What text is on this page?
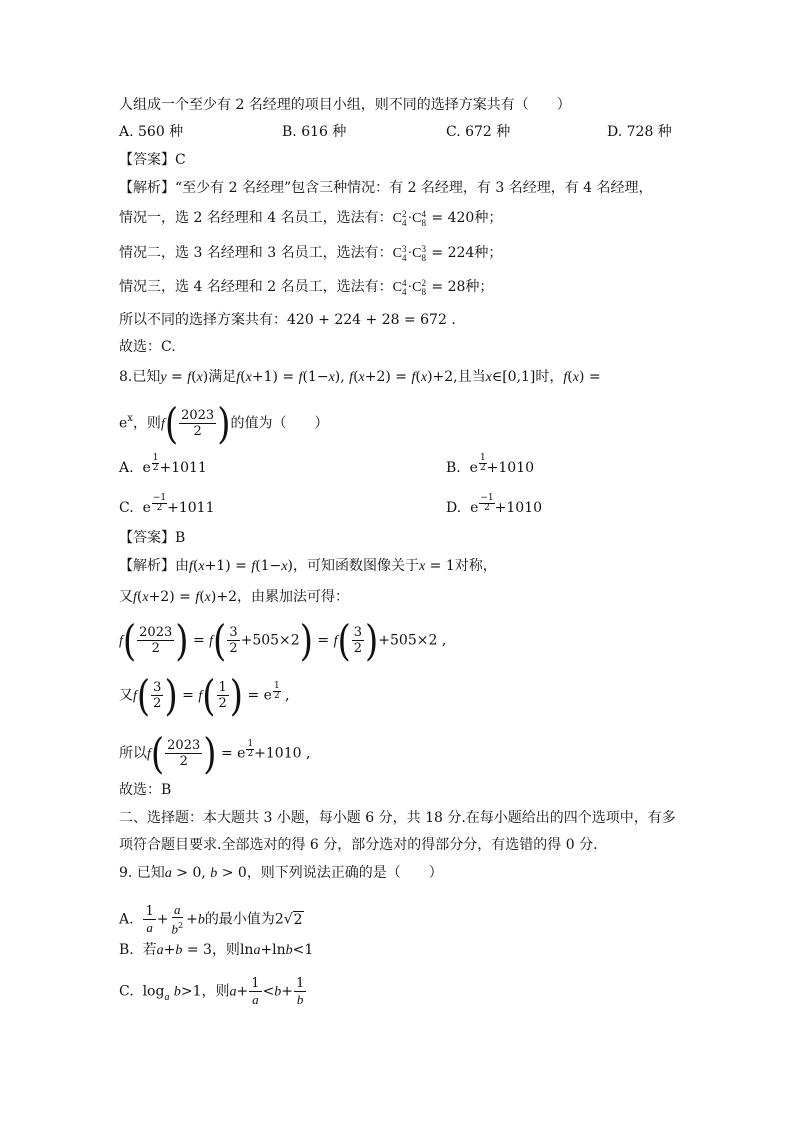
人组成一个至少有 2 名经理的项目小组，则不同的选择方案共有（　　）
A. 560 种	B. 616 种	C. 672 种	D. 728 种
【答案】C
【解析】“至少有 2 名经理”包含三种情况：有 2 名经理，有 3 名经理，有 4 名经理，
情况一，选 2 名经理和 4 名员工，选法有：C 2
4 ·C 4
8 = 420种；
情况二，选 3 名经理和 3 名员工，选法有：C 3
4 ·C 3
8 = 224种；
情况三，选 4 名经理和 2 名员工，选法有：C 4
4 ·C 2
8 = 28种；
所以不同的选择方案共有：420 + 224 + 28 = 672 .
故选：C.
8.已知y = f(x)满足f(x+1) = f(1−x), f(x+2) = f(x)+2,且当x∈[0,1]时，f(x) =
$e^x$，则$f( \frac{2023}{2}$ )的值为（　　）
A.  e $\frac{1}{2} +1011$	B.  e $\frac{1}{2} +1010$
C.  e $\frac{-1}{2} +1011$	D.  e $\frac{-1}{2} +1010$
【答案】B
【解析】由f(x+1) = f(1−x)，可知函数图像关于x = 1对称，
又f(x+2) = f(x)+2，由累加法可得：
$f( \frac{2023}{2}$ ) = $f( \frac{3}{2} +505\times 2) = f( \frac{3}{2} )+505\times 2$ ,
又$f( \frac{3}{2}$ ) = $f( \frac{1}{2}$ ) = e $\frac{1}{2}$ ,
所以$f( \frac{2023}{2}$ ) = e $\frac{1}{2} +1010$ ,
故选：B
二、选择题：本大题共 3 小题，每小题 6 分，共 18 分.在每小题给出的四个选项中，有多
项符合题目要求.全部选对的得 6 分，部分选对的得部分分，有选错的得 0 分.
9. 已知a > 0, b > 0，则下列说法正确的是（　　）
A. $\frac{1}{a} + \frac{a}{b^2} +b$的最小值为2√2
B. 若a+b = 3，则lna+lnb<1
C.  $\log_a b>1$，则$a+ \frac{1}{a} <b+ \frac{1}{b}$
